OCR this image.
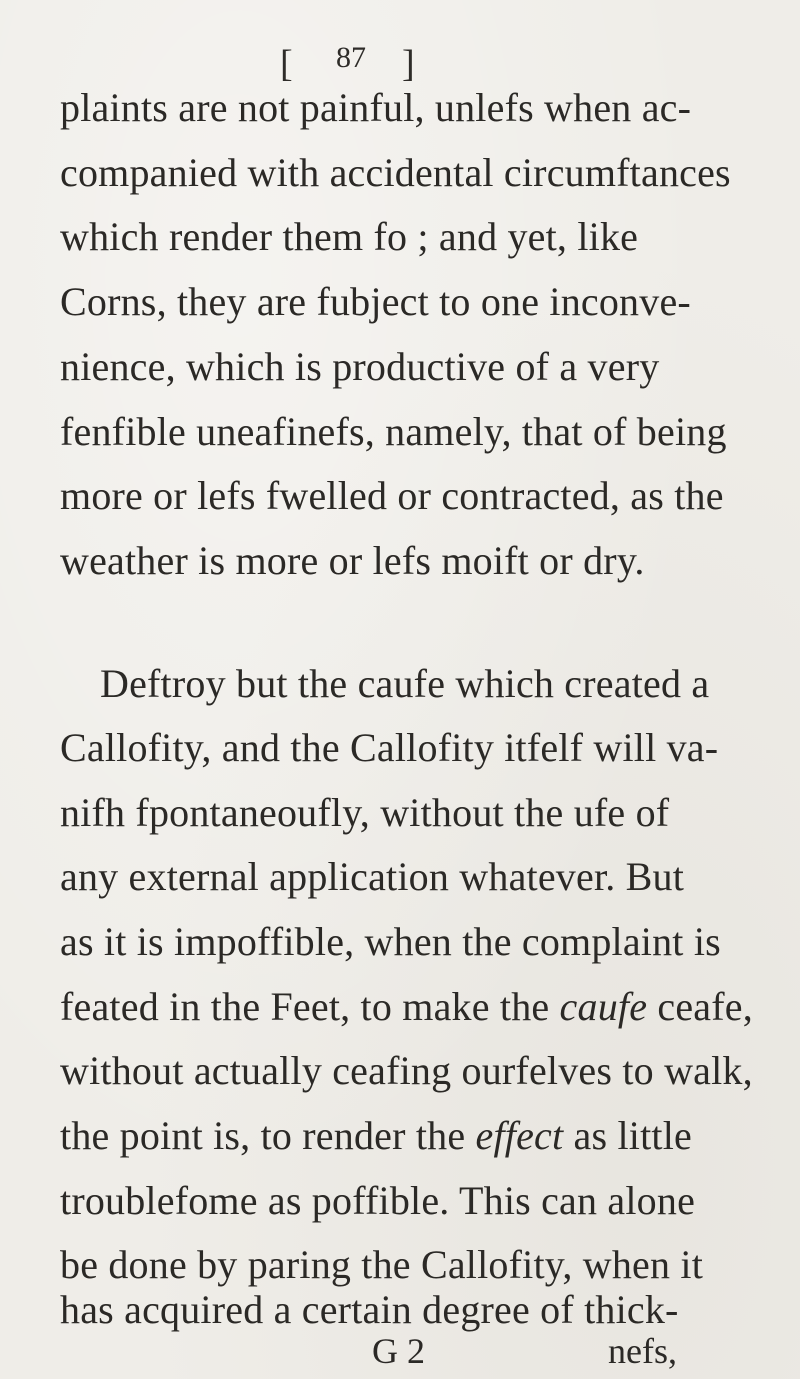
[ 87 ]
plaints are not painful, unlefs when ac-
companied with accidental circumftances
which render them fo ; and yet, like
Corns, they are fubject to one inconve-
nience, which is productive of a very
fenfible uneafinefs, namely, that of being
more or lefs fwelled or contracted, as the
weather is more or lefs moift or dry.
Deftroy but the caufe which created a
Callofity, and the Callofity itfelf will va-
nifh fpontaneoufly, without the ufe of
any external application whatever. But
as it is impoffible, when the complaint is
feated in the Feet, to make the caufe ceafe,
without actually ceafing ourfelves to walk,
the point is, to render the effect as little
troublefome as poffible. This can alone
be done by paring the Callofity, when it
has acquired a certain degree of thick-
G 2	nefs,
